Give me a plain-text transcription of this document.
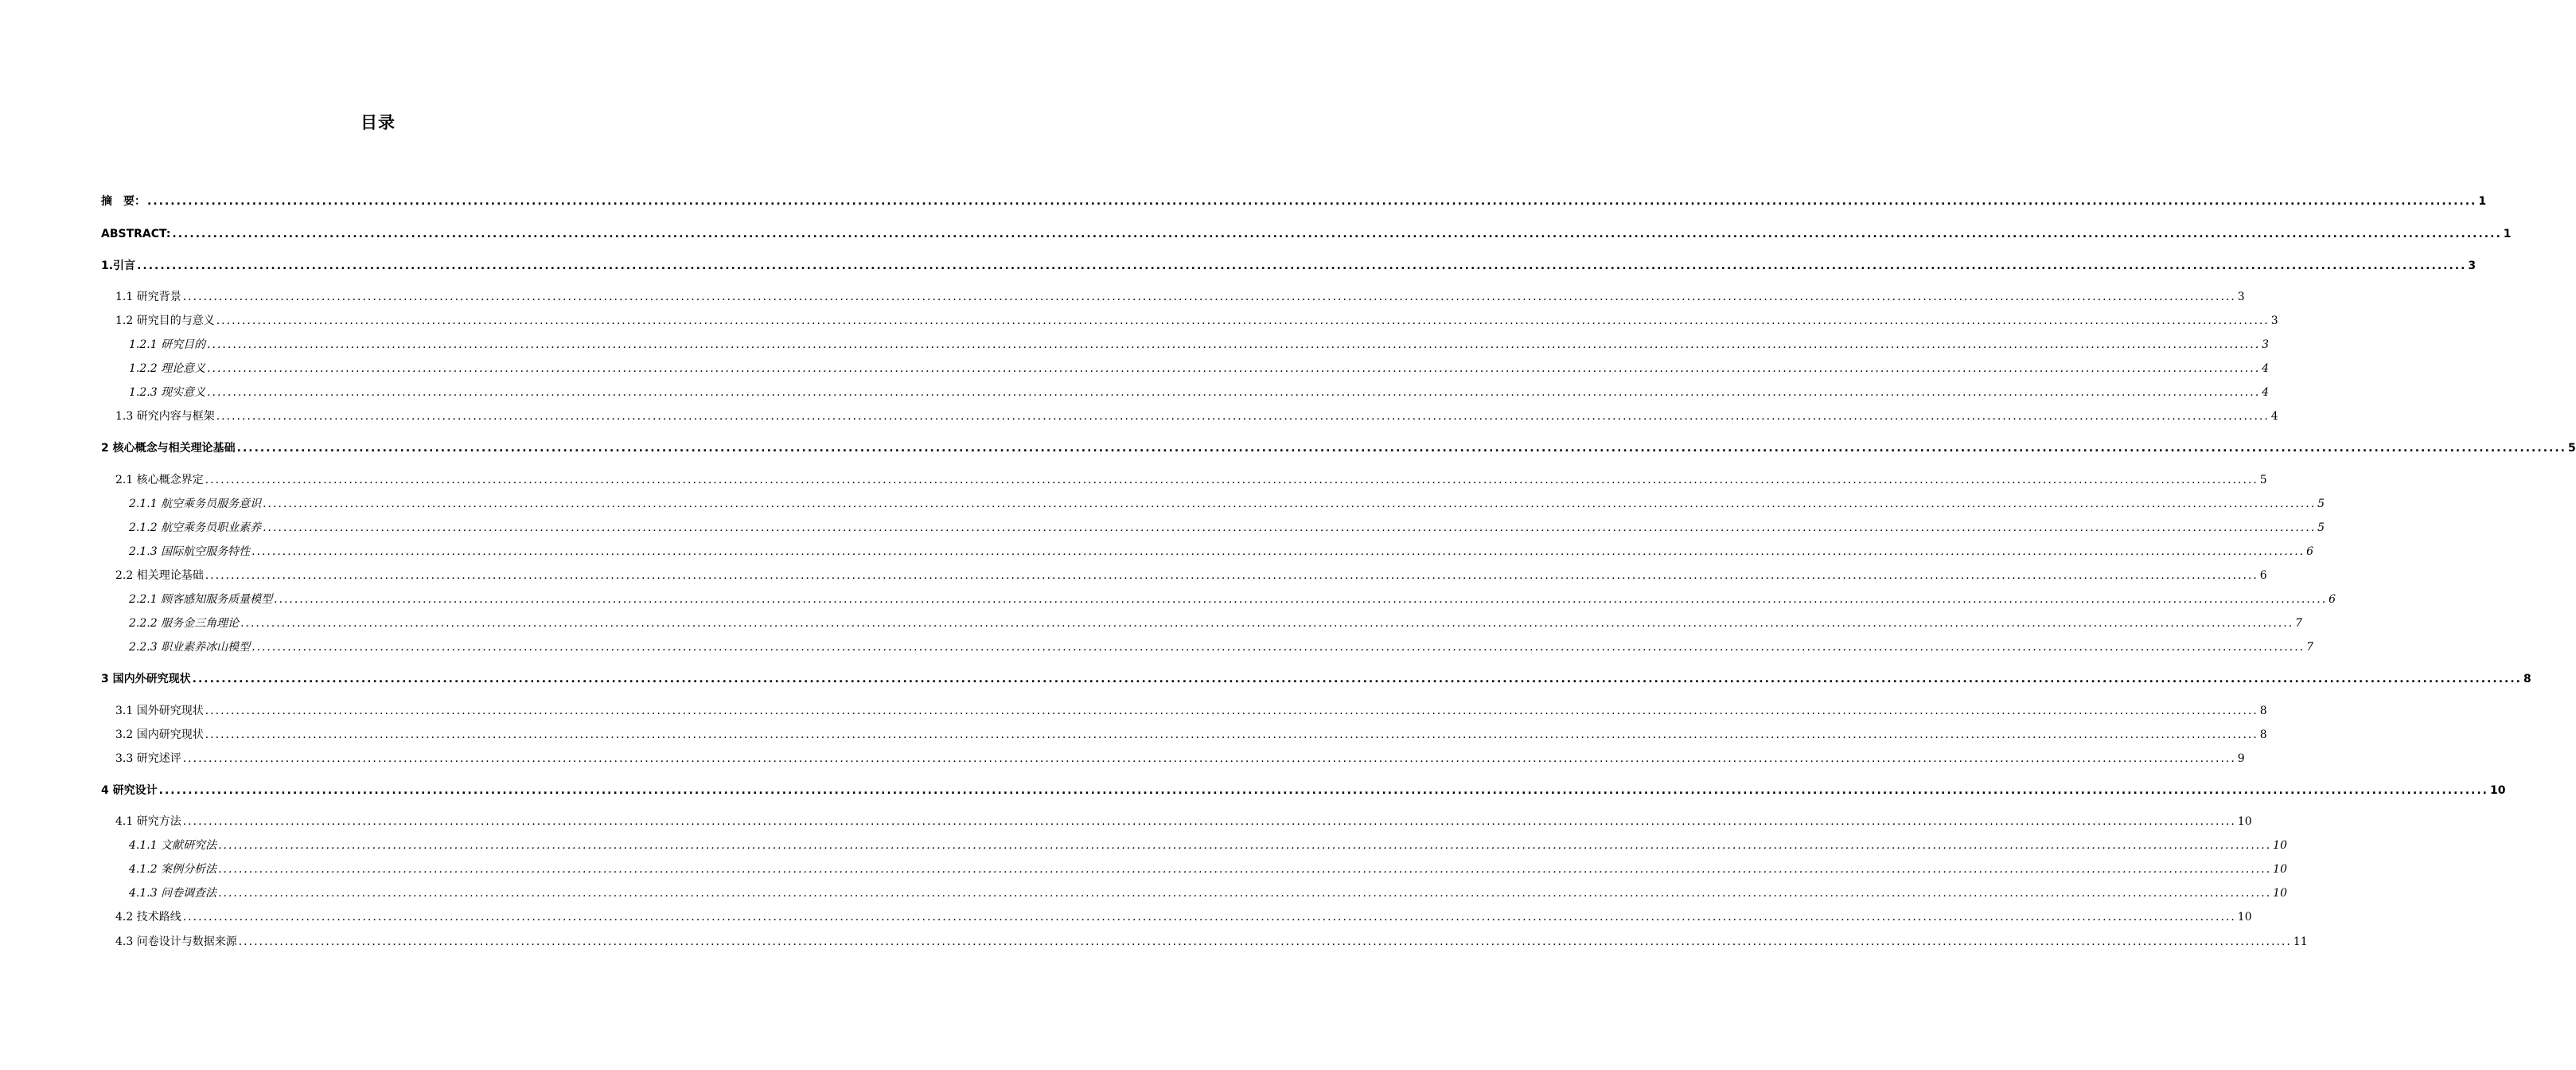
目录
摘　要： ................................................................................................................................................................................................................................................................................................................................................................................................................ 1
ABSTRACT: ................................................................................................................................................................................................................................................................................................................................................................................................................ 1
1.引言 ................................................................................................................................................................................................................................................................................................................................................................................................................ 3
1.1 研究背景 ................................................................................................................................................................................................................................................................................................................................................................................................................ 3
1.2 研究目的与意义 ................................................................................................................................................................................................................................................................................................................................................................................................................ 3
1.2.1 研究目的 ................................................................................................................................................................................................................................................................................................................................................................................................................ 3
1.2.2 理论意义 ................................................................................................................................................................................................................................................................................................................................................................................................................ 4
1.2.3 现实意义 ................................................................................................................................................................................................................................................................................................................................................................................................................ 4
1.3 研究内容与框架 ................................................................................................................................................................................................................................................................................................................................................................................................................ 4
2 核心概念与相关理论基础 ................................................................................................................................................................................................................................................................................................................................................................................................................ 5
2.1 核心概念界定 ................................................................................................................................................................................................................................................................................................................................................................................................................ 5
2.1.1 航空乘务员服务意识 ................................................................................................................................................................................................................................................................................................................................................................................................................ 5
2.1.2 航空乘务员职业素养 ................................................................................................................................................................................................................................................................................................................................................................................................................ 5
2.1.3 国际航空服务特性 ................................................................................................................................................................................................................................................................................................................................................................................................................ 6
2.2 相关理论基础 ................................................................................................................................................................................................................................................................................................................................................................................................................ 6
2.2.1 顾客感知服务质量模型 ................................................................................................................................................................................................................................................................................................................................................................................................................ 6
2.2.2 服务金三角理论 ................................................................................................................................................................................................................................................................................................................................................................................................................ 7
2.2.3 职业素养冰山模型 ................................................................................................................................................................................................................................................................................................................................................................................................................ 7
3 国内外研究现状 ................................................................................................................................................................................................................................................................................................................................................................................................................ 8
3.1 国外研究现状 ................................................................................................................................................................................................................................................................................................................................................................................................................ 8
3.2 国内研究现状 ................................................................................................................................................................................................................................................................................................................................................................................................................ 8
3.3 研究述评 ................................................................................................................................................................................................................................................................................................................................................................................................................ 9
4 研究设计 ................................................................................................................................................................................................................................................................................................................................................................................................................ 10
4.1 研究方法 ................................................................................................................................................................................................................................................................................................................................................................................................................ 10
4.1.1 文献研究法 ................................................................................................................................................................................................................................................................................................................................................................................................................ 10
4.1.2 案例分析法 ................................................................................................................................................................................................................................................................................................................................................................................................................ 10
4.1.3 问卷调查法 ................................................................................................................................................................................................................................................................................................................................................................................................................ 10
4.2 技术路线 ................................................................................................................................................................................................................................................................................................................................................................................................................ 10
4.3 问卷设计与数据来源 ................................................................................................................................................................................................................................................................................................................................................................................................................ 11
